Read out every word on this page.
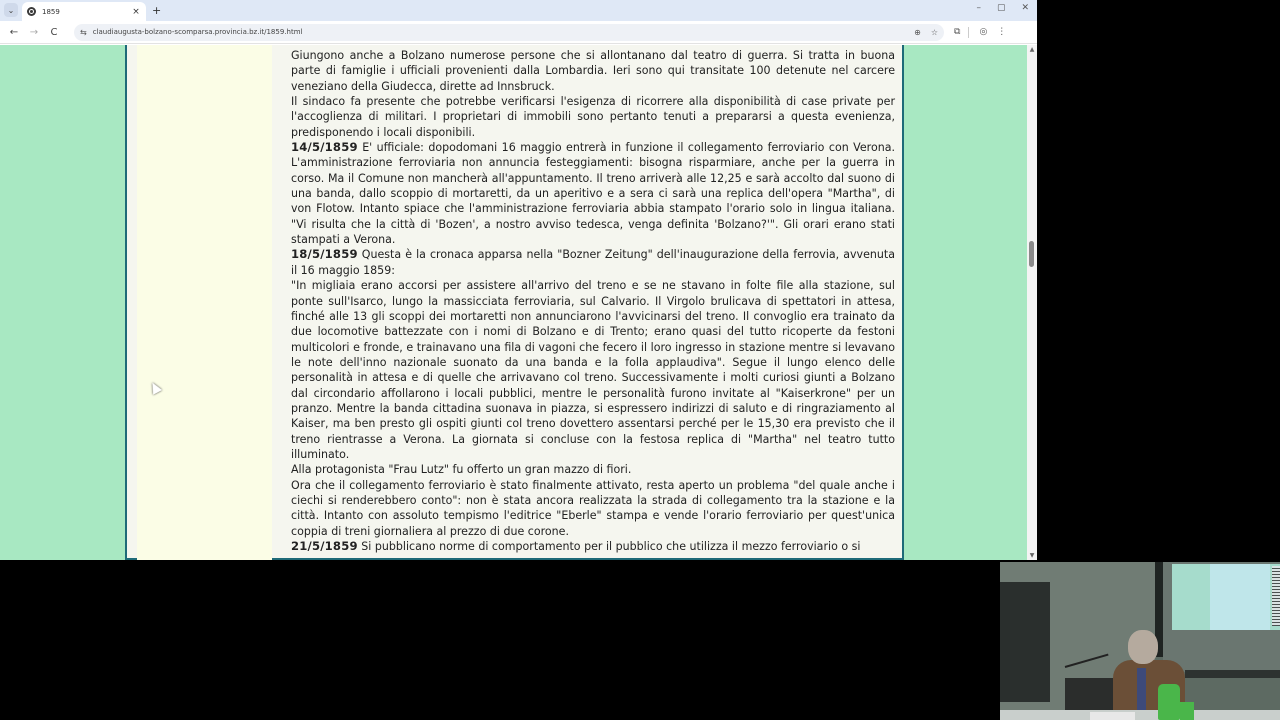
⌄	1859	× +	– ▢ ✕
←	→	C	⇆ claudiaugusta-bolzano-scomparsa.provincia.bz.it/1859.html	⊕ ☆ ⧉ ◎ ⋮

Giungono anche a Bolzano numerose persone che si allontanano dal teatro di guerra. Si tratta in buona parte di famiglie i ufficiali provenienti dalla Lombardia. Ieri sono qui transitate 100 detenute nel carcere veneziano della Giudecca, dirette ad Innsbruck.

Il sindaco fa presente che potrebbe verificarsi l'esigenza di ricorrere alla disponibilità di case private per l'accoglienza di militari. I proprietari di immobili sono pertanto tenuti a prepararsi a questa evenienza, predisponendo i locali disponibili.

14/5/1859 E' ufficiale: dopodomani 16 maggio entrerà in funzione il collegamento ferroviario con Verona. L'amministrazione ferroviaria non annuncia festeggiamenti: bisogna risparmiare, anche per la guerra in corso. Ma il Comune non mancherà all'appuntamento. Il treno arriverà alle 12,25 e sarà accolto dal suono di una banda, dallo scoppio di mortaretti, da un aperitivo e a sera ci sarà una replica dell'opera "Martha", di von Flotow. Intanto spiace che l'amministrazione ferroviaria abbia stampato l'orario solo in lingua italiana. "Vi risulta che la città di 'Bozen', a nostro avviso tedesca, venga definita 'Bolzano?'". Gli orari erano stati stampati a Verona.

18/5/1859 Questa è la cronaca apparsa nella "Bozner Zeitung" dell'inaugurazione della ferrovia, avvenuta il 16 maggio 1859:

"In migliaia erano accorsi per assistere all'arrivo del treno e se ne stavano in folte file alla stazione, sul ponte sull'Isarco, lungo la massicciata ferroviaria, sul Calvario. Il Virgolo brulicava di spettatori in attesa, finché alle 13 gli scoppi dei mortaretti non annunciarono l'avvicinarsi del treno. Il convoglio era trainato da due locomotive battezzate con i nomi di Bolzano e di Trento; erano quasi del tutto ricoperte da festoni multicolori e fronde, e trainavano una fila di vagoni che fecero il loro ingresso in stazione mentre si levavano le note dell'inno nazionale suonato da una banda e la folla applaudiva". Segue il lungo elenco delle personalità in attesa e di quelle che arrivavano col treno. Successivamente i molti curiosi giunti a Bolzano dal circondario affollarono i locali pubblici, mentre le personalità furono invitate al "Kaiserkrone" per un pranzo. Mentre la banda cittadina suonava in piazza, si espressero indirizzi di saluto e di ringraziamento al Kaiser, ma ben presto gli ospiti giunti col treno dovettero assentarsi perché per le 15,30 era previsto che il treno rientrasse a Verona. La giornata si concluse con la festosa replica di "Martha" nel teatro tutto illuminato.

Alla protagonista "Frau Lutz" fu offerto un gran mazzo di fiori.

Ora che il collegamento ferroviario è stato finalmente attivato, resta aperto un problema "del quale anche i ciechi si renderebbero conto": non è stata ancora realizzata la strada di collegamento tra la stazione e la città. Intanto con assoluto tempismo l'editrice "Eberle" stampa e vende l'orario ferroviario per quest'unica coppia di treni giornaliera al prezzo di due corone.

21/5/1859 Si pubblicano norme di comportamento per il pubblico che utilizza il mezzo ferroviario o si

▲
▼
